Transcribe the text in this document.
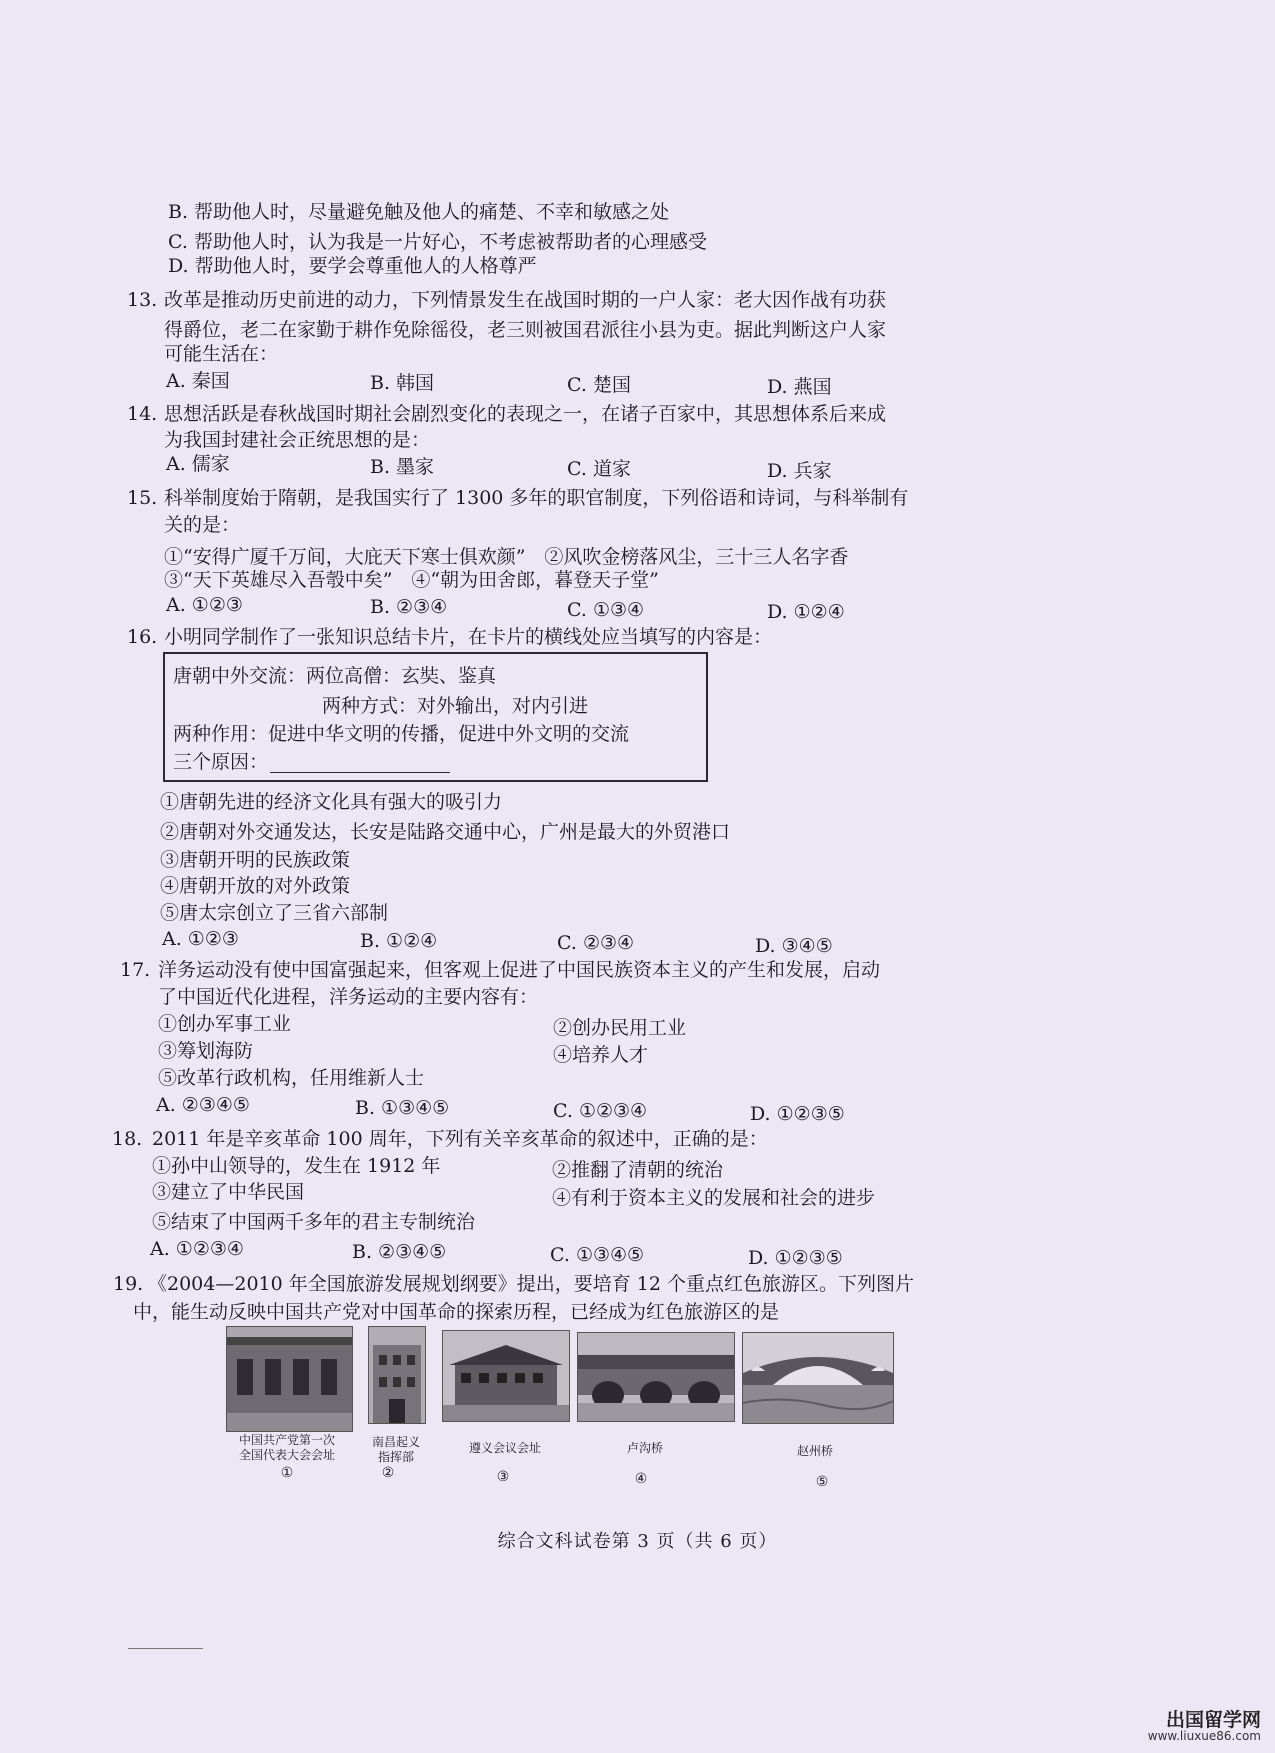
B. 帮助他人时，尽量避免触及他人的痛楚、不幸和敏感之处
C. 帮助他人时，认为我是一片好心，不考虑被帮助者的心理感受
D. 帮助他人时，要学会尊重他人的人格尊严
13. 改革是推动历史前进的动力，下列情景发生在战国时期的一户人家：老大因作战有功获
得爵位，老二在家勤于耕作免除徭役，老三则被国君派往小县为吏。据此判断这户人家
可能生活在：
A. 秦国	B. 韩国	C. 楚国	D. 燕国
14. 思想活跃是春秋战国时期社会剧烈变化的表现之一，在诸子百家中，其思想体系后来成
为我国封建社会正统思想的是：
A. 儒家	B. 墨家	C. 道家	D. 兵家
15. 科举制度始于隋朝，是我国实行了 1300 多年的职官制度，下列俗语和诗词，与科举制有
关的是：
①“安得广厦千万间，大庇天下寒士俱欢颜”　②风吹金榜落风尘，三十三人名字香
③“天下英雄尽入吾彀中矣”　④“朝为田舍郎，暮登天子堂”
A. ①②③	B. ②③④	C. ①③④	D. ①②④
16. 小明同学制作了一张知识总结卡片，在卡片的横线处应当填写的内容是：
唐朝中外交流：两位高僧：玄奘、鉴真
两种方式：对外输出，对内引进
两种作用：促进中华文明的传播，促进中外文明的交流
三个原因：
①唐朝先进的经济文化具有强大的吸引力
②唐朝对外交通发达，长安是陆路交通中心，广州是最大的外贸港口
③唐朝开明的民族政策
④唐朝开放的对外政策
⑤唐太宗创立了三省六部制
A. ①②③	B. ①②④	C. ②③④	D. ③④⑤
17. 洋务运动没有使中国富强起来，但客观上促进了中国民族资本主义的产生和发展，启动
了中国近代化进程，洋务运动的主要内容有：
①创办军事工业	②创办民用工业
③筹划海防	④培养人才
⑤改革行政机构，任用维新人士
A. ②③④⑤	B. ①③④⑤	C. ①②③④	D. ①②③⑤
18. 2011 年是辛亥革命 100 周年，下列有关辛亥革命的叙述中，正确的是：
①孙中山领导的，发生在 1912 年	②推翻了清朝的统治
③建立了中华民国	④有利于资本主义的发展和社会的进步
⑤结束了中国两千多年的君主专制统治
A. ①②③④	B. ②③④⑤	C. ①③④⑤	D. ①②③⑤
19. 《2004—2010 年全国旅游发展规划纲要》提出，要培育 12 个重点红色旅游区。下列图片
中，能生动反映中国共产党对中国革命的探索历程，已经成为红色旅游区的是
中国共产党第一次
全国代表大会会址
①
南昌起义
指挥部
②
遵义会议会址
③
卢沟桥
④
赵州桥
⑤
综合文科试卷第 3 页（共 6 页）
出国留学网
www.liuxue86.com
